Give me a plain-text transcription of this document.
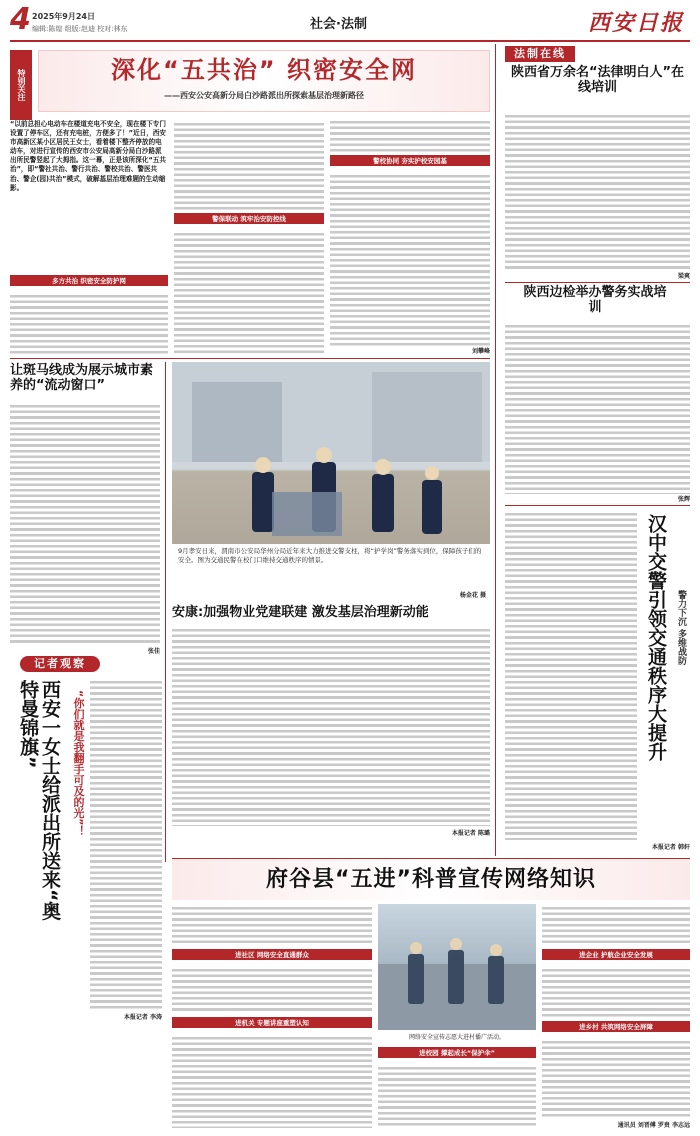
4 2025年9月24日
编辑:陈煌 组版:赵迪 校对:林东	社会·法制	西安日报
特别关注	深化“五共治” 织密安全网
——西安公安高新分局白沙路派出所探索基层治理新路径
“以前总担心电动车在楼道充电不安全，现在楼下专门设置了停车区，还有充电桩，方便多了！”近日，西安市高新区某小区居民王女士，看着楼下整齐停放的电动车，对进行宣传的西安市公安局高新分局白沙路派出所民警竖起了大拇指。这一幕，正是该所深化“五共治”，即“警社共治、警行共治、警校共治、警医共治、警企(园)共治”模式，破解基层治理难题的生动缩影。
多方共治 织密安全防护网
警保联动 筑牢治安防控线
警校协同 夯实护校安园基
刘攀峰
法制在线
陕西省万余名“法律明白人”在线培训
梁爽
陕西边检举办警务实战培训
张辉
汉中交警引领交通秩序大提升	警力下沉 多维战防
本报记者 韩轩
让斑马线成为展示城市素养的“流动窗口”
张佳
9月孝安日来，渭南市公安局华州分局近年来大力推进交警支柱，将“护学岗”警务落实到位，保障孩子们的安全。图为交通民警在校门口维持交通秩序的情景。
杨金花 摄
安康:加强物业党建联建 激发基层治理新动能
本报记者 陈璐
记者观察
西安一女士给派出所送来“奥特曼锦旗”	“你们就是我翻手可及的光”！
本报记者 李涛
府谷县“五进”科普宣传网络知识
进社区 网络安全直通群众
进机关 专题讲座重塑认知
网络安全宣传志愿大进村播广活动。
进校园 撑起成长“保护伞”
进企业 护航企业安全发展
进乡村 共筑网络安全屏障
通讯员 刘晋傅 罗贵 李志远
